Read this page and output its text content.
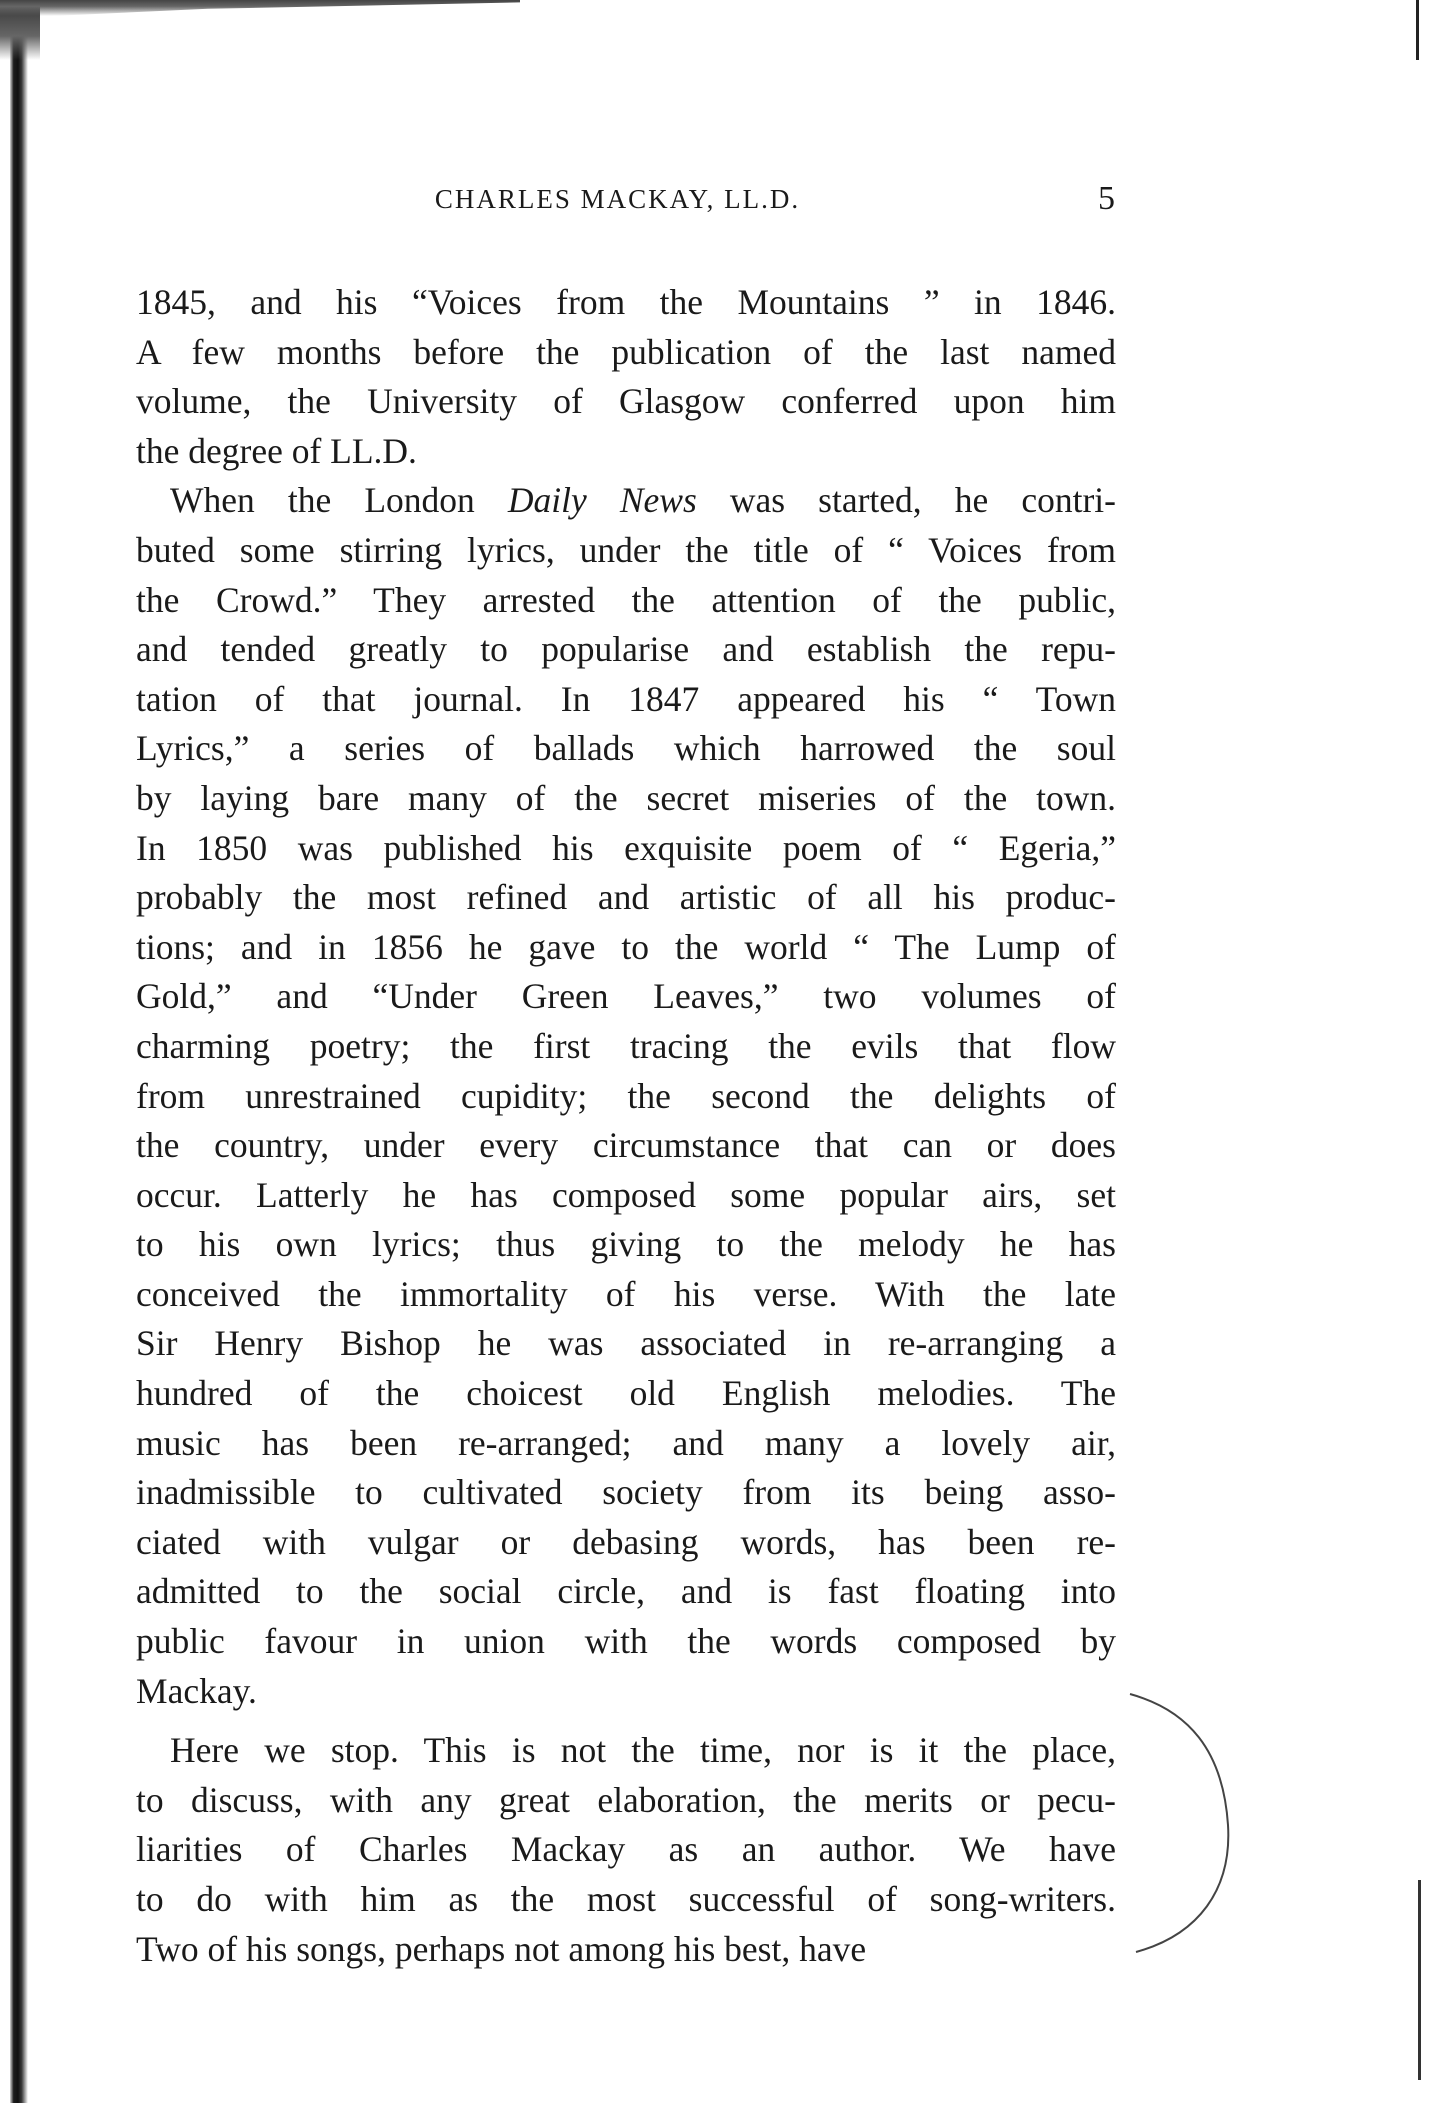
CHARLES MACKAY, LL.D.	5
1845, and his “Voices from the Mountains ” in 1846.
A few months before the publication of the last named
volume, the University of Glasgow conferred upon him
the degree of LL.D.
When the London Daily News was started, he contri-
buted some stirring lyrics, under the title of “ Voices from
the Crowd.” They arrested the attention of the public,
and tended greatly to popularise and establish the repu-
tation of that journal. In 1847 appeared his “ Town
Lyrics,” a series of ballads which harrowed the soul
by laying bare many of the secret miseries of the town.
In 1850 was published his exquisite poem of “ Egeria,”
probably the most refined and artistic of all his produc-
tions; and in 1856 he gave to the world “ The Lump of
Gold,” and “Under Green Leaves,” two volumes of
charming poetry; the first tracing the evils that flow
from unrestrained cupidity; the second the delights of
the country, under every circumstance that can or does
occur. Latterly he has composed some popular airs, set
to his own lyrics; thus giving to the melody he has
conceived the immortality of his verse. With the late
Sir Henry Bishop he was associated in re-arranging a
hundred of the choicest old English melodies. The
music has been re-arranged; and many a lovely air,
inadmissible to cultivated society from its being asso-
ciated with vulgar or debasing words, has been re-
admitted to the social circle, and is fast floating into
public favour in union with the words composed by
Mackay.
Here we stop. This is not the time, nor is it the place,
to discuss, with any great elaboration, the merits or pecu-
liarities of Charles Mackay as an author. We have
to do with him as the most successful of song-writers.
Two of his songs, perhaps not among his best, have
